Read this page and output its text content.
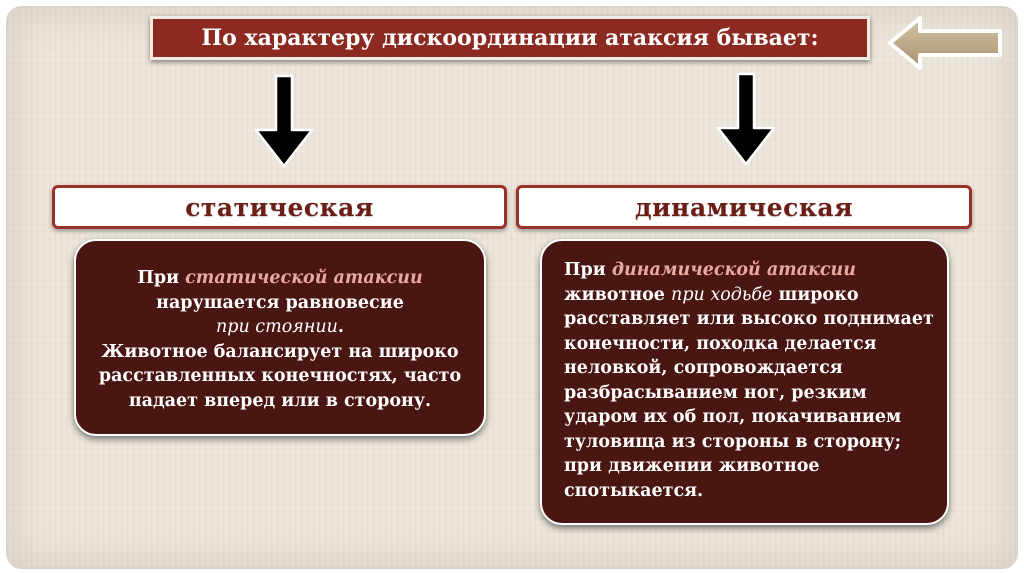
По характеру дискоординации атаксия бывает:
статическая	динамическая
При статической атаксии
нарушается равновесие
при стоянии.
Животное балансирует на широко
расставленных конечностях, часто
падает вперед или в сторону.
При динамической атаксии
животное при ходьбе широко
расставляет или высоко поднимает
конечности, походка делается
неловкой, сопровождается
разбрасыванием ног, резким
ударом их об пол, покачиванием
туловища из стороны в сторону;
при движении животное
спотыкается.
